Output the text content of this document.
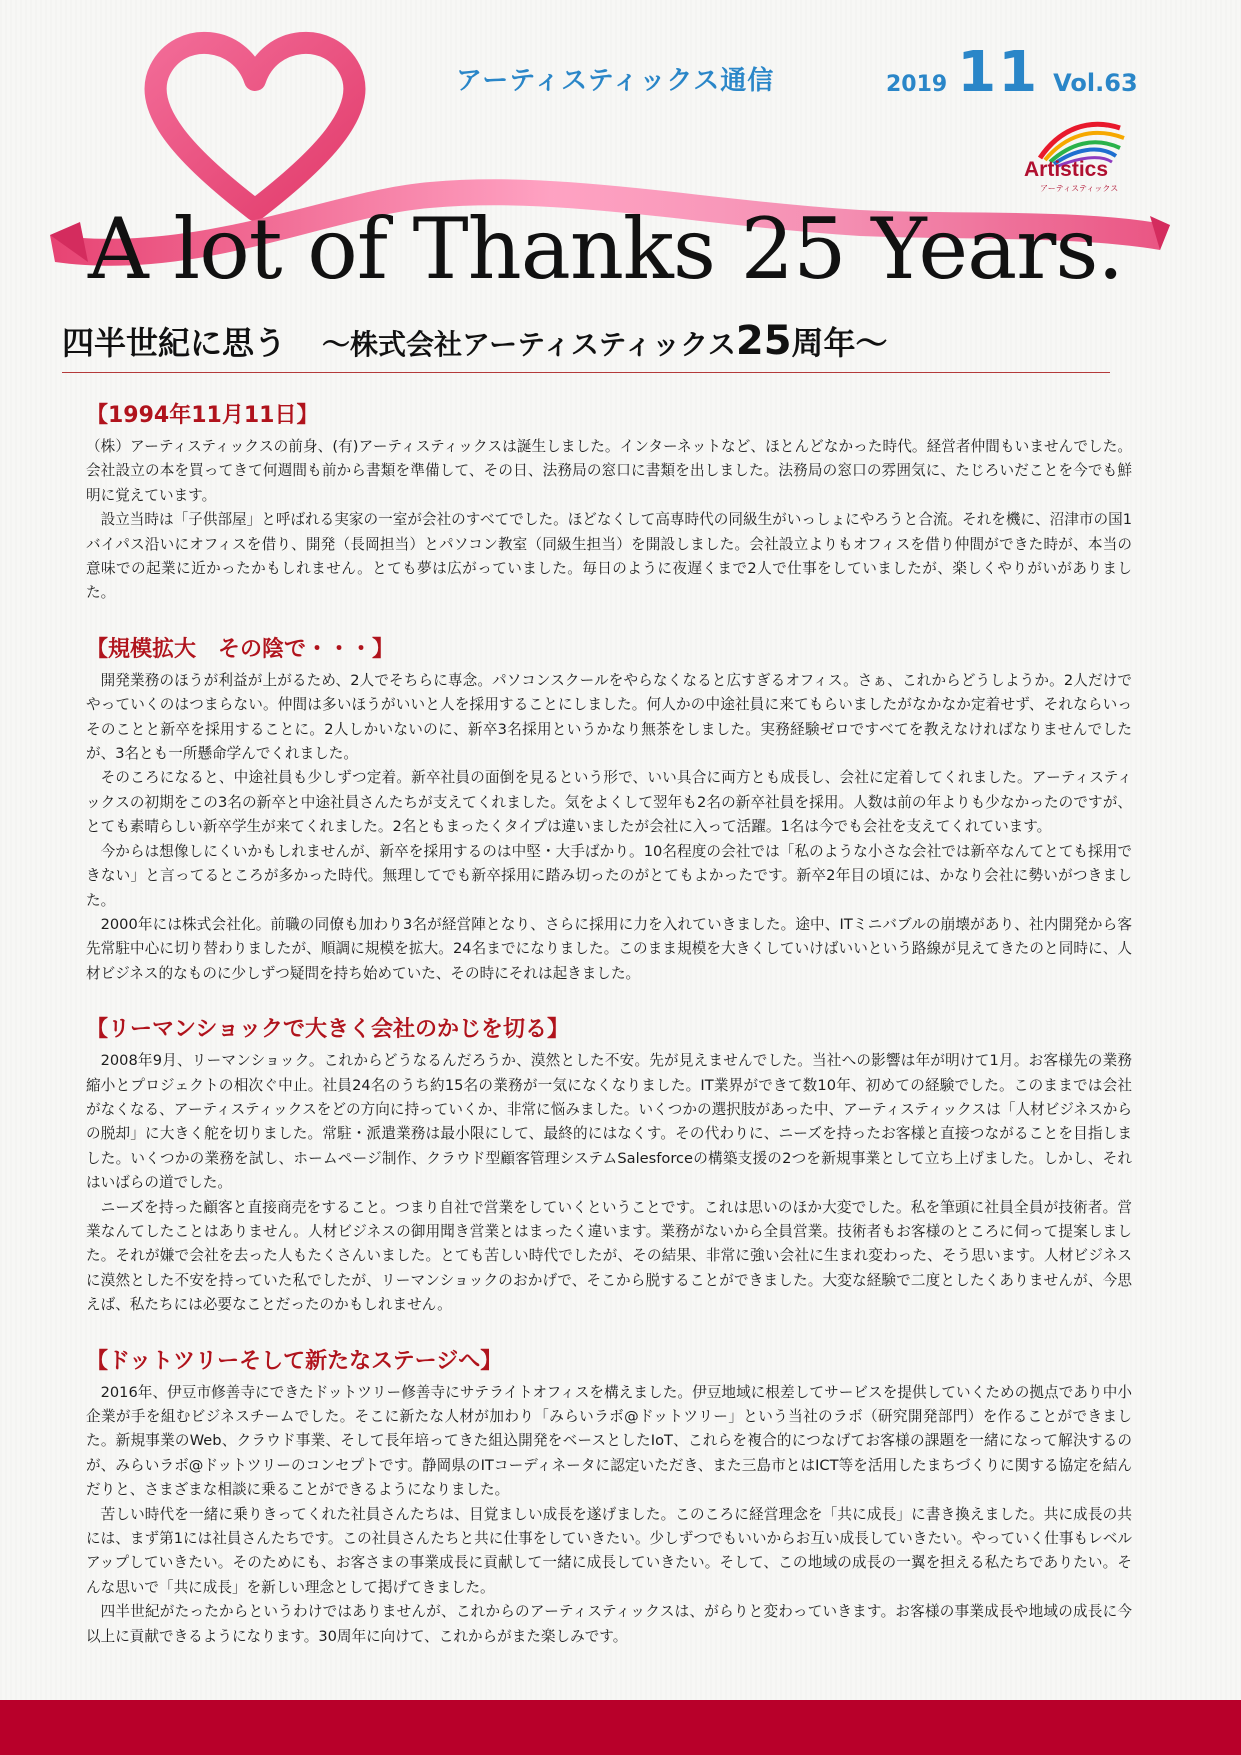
アーティスティックス通信	2019 11 Vol.63
Artistics
アーティスティックス
A lot of Thanks 25 Years.
四半世紀に思う ～株式会社アーティスティックス25周年～
【1994年11月11日】

（株）アーティスティックスの前身、(有)アーティスティックスは誕生しました。インターネットなど、ほとんどなかった時代。経営者仲間もいませんでした。会社設立の本を買ってきて何週間も前から書類を準備して、その日、法務局の窓口に書類を出しました。法務局の窓口の雰囲気に、たじろいだことを今でも鮮明に覚えています。

設立当時は「子供部屋」と呼ばれる実家の一室が会社のすべてでした。ほどなくして高専時代の同級生がいっしょにやろうと合流。それを機に、沼津市の国1バイパス沿いにオフィスを借り、開発（長岡担当）とパソコン教室（同級生担当）を開設しました。会社設立よりもオフィスを借り仲間ができた時が、本当の意味での起業に近かったかもしれません。とても夢は広がっていました。毎日のように夜遅くまで2人で仕事をしていましたが、楽しくやりがいがありました。

【規模拡大　その陰で・・・】

開発業務のほうが利益が上がるため、2人でそちらに専念。パソコンスクールをやらなくなると広すぎるオフィス。さぁ、これからどうしようか。2人だけでやっていくのはつまらない。仲間は多いほうがいいと人を採用することにしました。何人かの中途社員に来てもらいましたがなかなか定着せず、それならいっそのことと新卒を採用することに。2人しかいないのに、新卒3名採用というかなり無茶をしました。実務経験ゼロですべてを教えなければなりませんでしたが、3名とも一所懸命学んでくれました。

そのころになると、中途社員も少しずつ定着。新卒社員の面倒を見るという形で、いい具合に両方とも成長し、会社に定着してくれました。アーティスティックスの初期をこの3名の新卒と中途社員さんたちが支えてくれました。気をよくして翌年も2名の新卒社員を採用。人数は前の年よりも少なかったのですが、とても素晴らしい新卒学生が来てくれました。2名ともまったくタイプは違いましたが会社に入って活躍。1名は今でも会社を支えてくれています。

今からは想像しにくいかもしれませんが、新卒を採用するのは中堅・大手ばかり。10名程度の会社では「私のような小さな会社では新卒なんてとても採用できない」と言ってるところが多かった時代。無理してでも新卒採用に踏み切ったのがとてもよかったです。新卒2年目の頃には、かなり会社に勢いがつきました。

2000年には株式会社化。前職の同僚も加わり3名が経営陣となり、さらに採用に力を入れていきました。途中、ITミニバブルの崩壊があり、社内開発から客先常駐中心に切り替わりましたが、順調に規模を拡大。24名までになりました。このまま規模を大きくしていけばいいという路線が見えてきたのと同時に、人材ビジネス的なものに少しずつ疑問を持ち始めていた、その時にそれは起きました。

【リーマンショックで大きく会社のかじを切る】

2008年9月、リーマンショック。これからどうなるんだろうか、漠然とした不安。先が見えませんでした。当社への影響は年が明けて1月。お客様先の業務縮小とプロジェクトの相次ぐ中止。社員24名のうち約15名の業務が一気になくなりました。IT業界ができて数10年、初めての経験でした。このままでは会社がなくなる、アーティスティックスをどの方向に持っていくか、非常に悩みました。いくつかの選択肢があった中、アーティスティックスは「人材ビジネスからの脱却」に大きく舵を切りました。常駐・派遣業務は最小限にして、最終的にはなくす。その代わりに、ニーズを持ったお客様と直接つながることを目指しました。いくつかの業務を試し、ホームページ制作、クラウド型顧客管理システムSalesforceの構築支援の2つを新規事業として立ち上げました。しかし、それはいばらの道でした。

ニーズを持った顧客と直接商売をすること。つまり自社で営業をしていくということです。これは思いのほか大変でした。私を筆頭に社員全員が技術者。営業なんてしたことはありません。人材ビジネスの御用聞き営業とはまったく違います。業務がないから全員営業。技術者もお客様のところに伺って提案しました。それが嫌で会社を去った人もたくさんいました。とても苦しい時代でしたが、その結果、非常に強い会社に生まれ変わった、そう思います。人材ビジネスに漠然とした不安を持っていた私でしたが、リーマンショックのおかげで、そこから脱することができました。大変な経験で二度としたくありませんが、今思えば、私たちには必要なことだったのかもしれません。

【ドットツリーそして新たなステージへ】

2016年、伊豆市修善寺にできたドットツリー修善寺にサテライトオフィスを構えました。伊豆地域に根差してサービスを提供していくための拠点であり中小企業が手を組むビジネスチームでした。そこに新たな人材が加わり「みらいラボ@ドットツリー」という当社のラボ（研究開発部門）を作ることができました。新規事業のWeb、クラウド事業、そして長年培ってきた組込開発をベースとしたIoT、これらを複合的につなげてお客様の課題を一緒になって解決するのが、みらいラボ@ドットツリーのコンセプトです。静岡県のITコーディネータに認定いただき、また三島市とはICT等を活用したまちづくりに関する協定を結んだりと、さまざまな相談に乗ることができるようになりました。

苦しい時代を一緒に乗りきってくれた社員さんたちは、目覚ましい成長を遂げました。このころに経営理念を「共に成長」に書き換えました。共に成長の共には、まず第1には社員さんたちです。この社員さんたちと共に仕事をしていきたい。少しずつでもいいからお互い成長していきたい。やっていく仕事もレベルアップしていきたい。そのためにも、お客さまの事業成長に貢献して一緒に成長していきたい。そして、この地域の成長の一翼を担える私たちでありたい。そんな思いで「共に成長」を新しい理念として掲げてきました。

四半世紀がたったからというわけではありませんが、これからのアーティスティックスは、がらりと変わっていきます。お客様の事業成長や地域の成長に今以上に貢献できるようになります。30周年に向けて、これからがまた楽しみです。
